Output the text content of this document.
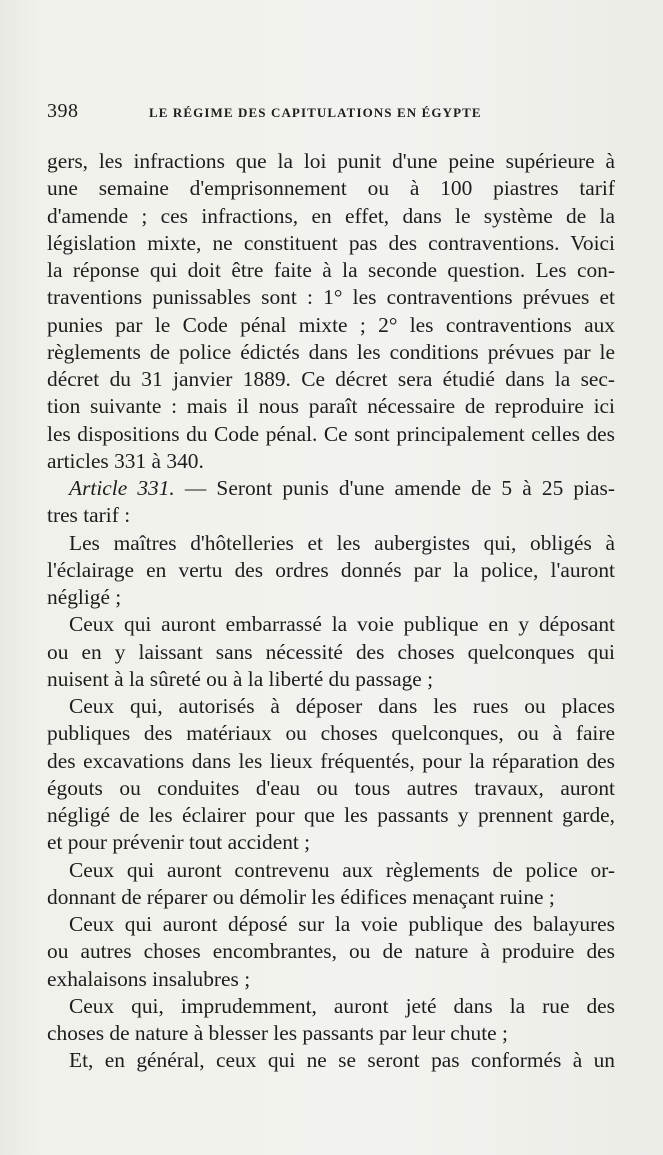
398	LE RÉGIME DES CAPITULATIONS EN ÉGYPTE
gers, les infractions que la loi punit d'une peine supérieure à
une semaine d'emprisonnement ou à 100 piastres tarif
d'amende ; ces infractions, en effet, dans le système de la
législation mixte, ne constituent pas des contraventions. Voici
la réponse qui doit être faite à la seconde question. Les con-
traventions punissables sont : 1° les contraventions prévues et
punies par le Code pénal mixte ; 2° les contraventions aux
règlements de police édictés dans les conditions prévues par le
décret du 31 janvier 1889. Ce décret sera étudié dans la sec-
tion suivante : mais il nous paraît nécessaire de reproduire ici
les dispositions du Code pénal. Ce sont principalement celles des
articles 331 à 340.
Article 331. — Seront punis d'une amende de 5 à 25 pias-
tres tarif :
Les maîtres d'hôtelleries et les aubergistes qui, obligés à
l'éclairage en vertu des ordres donnés par la police, l'auront
négligé ;
Ceux qui auront embarrassé la voie publique en y déposant
ou en y laissant sans nécessité des choses quelconques qui
nuisent à la sûreté ou à la liberté du passage ;
Ceux qui, autorisés à déposer dans les rues ou places
publiques des matériaux ou choses quelconques, ou à faire
des excavations dans les lieux fréquentés, pour la réparation des
égouts ou conduites d'eau ou tous autres travaux, auront
négligé de les éclairer pour que les passants y prennent garde,
et pour prévenir tout accident ;
Ceux qui auront contrevenu aux règlements de police or-
donnant de réparer ou démolir les édifices menaçant ruine ;
Ceux qui auront déposé sur la voie publique des balayures
ou autres choses encombrantes, ou de nature à produire des
exhalaisons insalubres ;
Ceux qui, imprudemment, auront jeté dans la rue des
choses de nature à blesser les passants par leur chute ;
Et, en général, ceux qui ne se seront pas conformés à un
